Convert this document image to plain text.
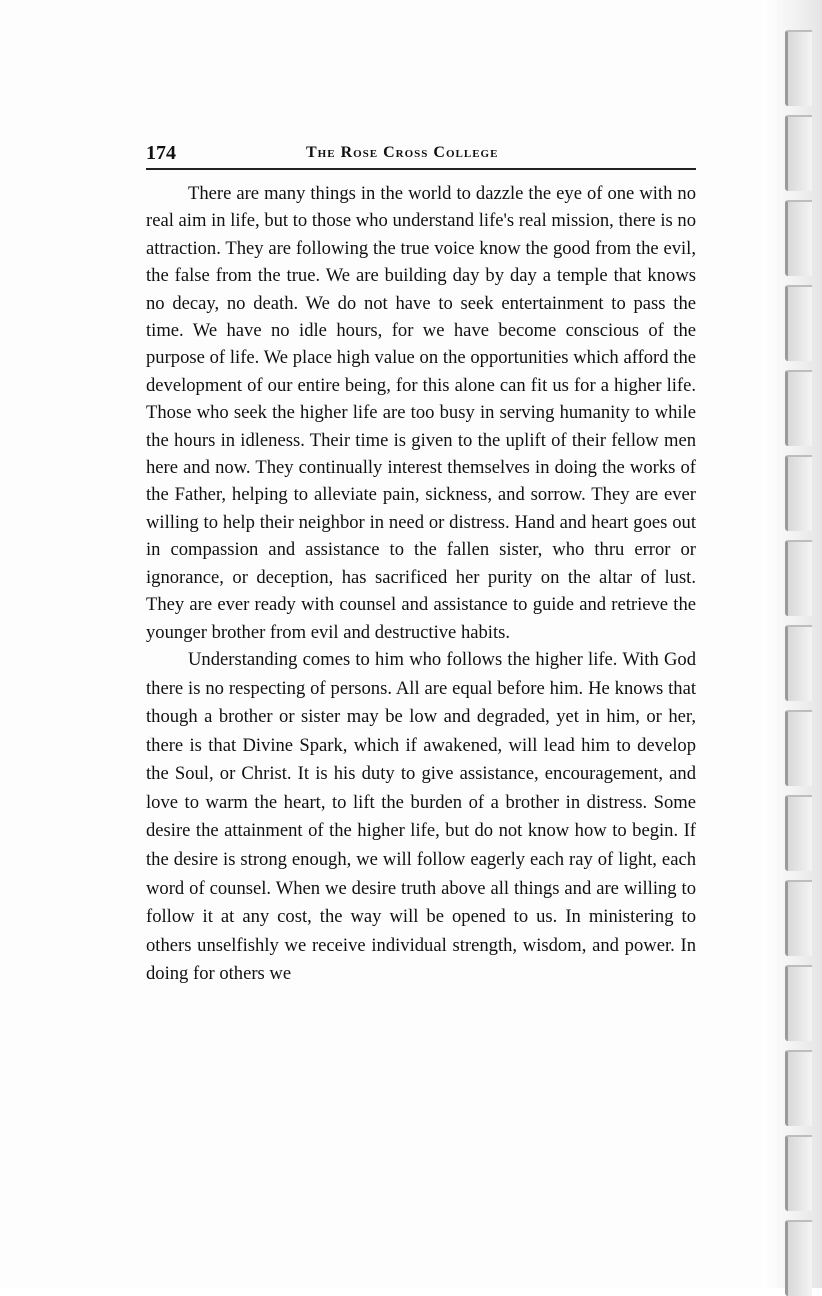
174	The Rose Cross College

There are many things in the world to dazzle the eye of one with no real aim in life, but to those who understand life's real mission, there is no attraction. They are following the true voice know the good from the evil, the false from the true. We are building day by day a temple that knows no decay, no death. We do not have to seek entertainment to pass the time. We have no idle hours, for we have become conscious of the purpose of life. We place high value on the opportunities which afford the development of our entire being, for this alone can fit us for a higher life. Those who seek the higher life are too busy in serving humanity to while the hours in idleness. Their time is given to the uplift of their fellow men here and now. They continually interest themselves in doing the works of the Father, helping to alleviate pain, sickness, and sorrow. They are ever willing to help their neighbor in need or distress. Hand and heart goes out in compassion and assistance to the fallen sister, who thru error or ignorance, or deception, has sacrificed her purity on the altar of lust. They are ever ready with counsel and assistance to guide and retrieve the younger brother from evil and destructive habits.

Understanding comes to him who follows the higher life. With God there is no respecting of persons. All are equal before him. He knows that though a brother or sister may be low and degraded, yet in him, or her, there is that Divine Spark, which if awakened, will lead him to develop the Soul, or Christ. It is his duty to give assistance, encouragement, and love to warm the heart, to lift the burden of a brother in distress. Some desire the attainment of the higher life, but do not know how to begin. If the desire is strong enough, we will follow eagerly each ray of light, each word of counsel. When we desire truth above all things and are willing to follow it at any cost, the way will be opened to us. In ministering to others unselfishly we receive individual strength, wisdom, and power. In doing for others we
